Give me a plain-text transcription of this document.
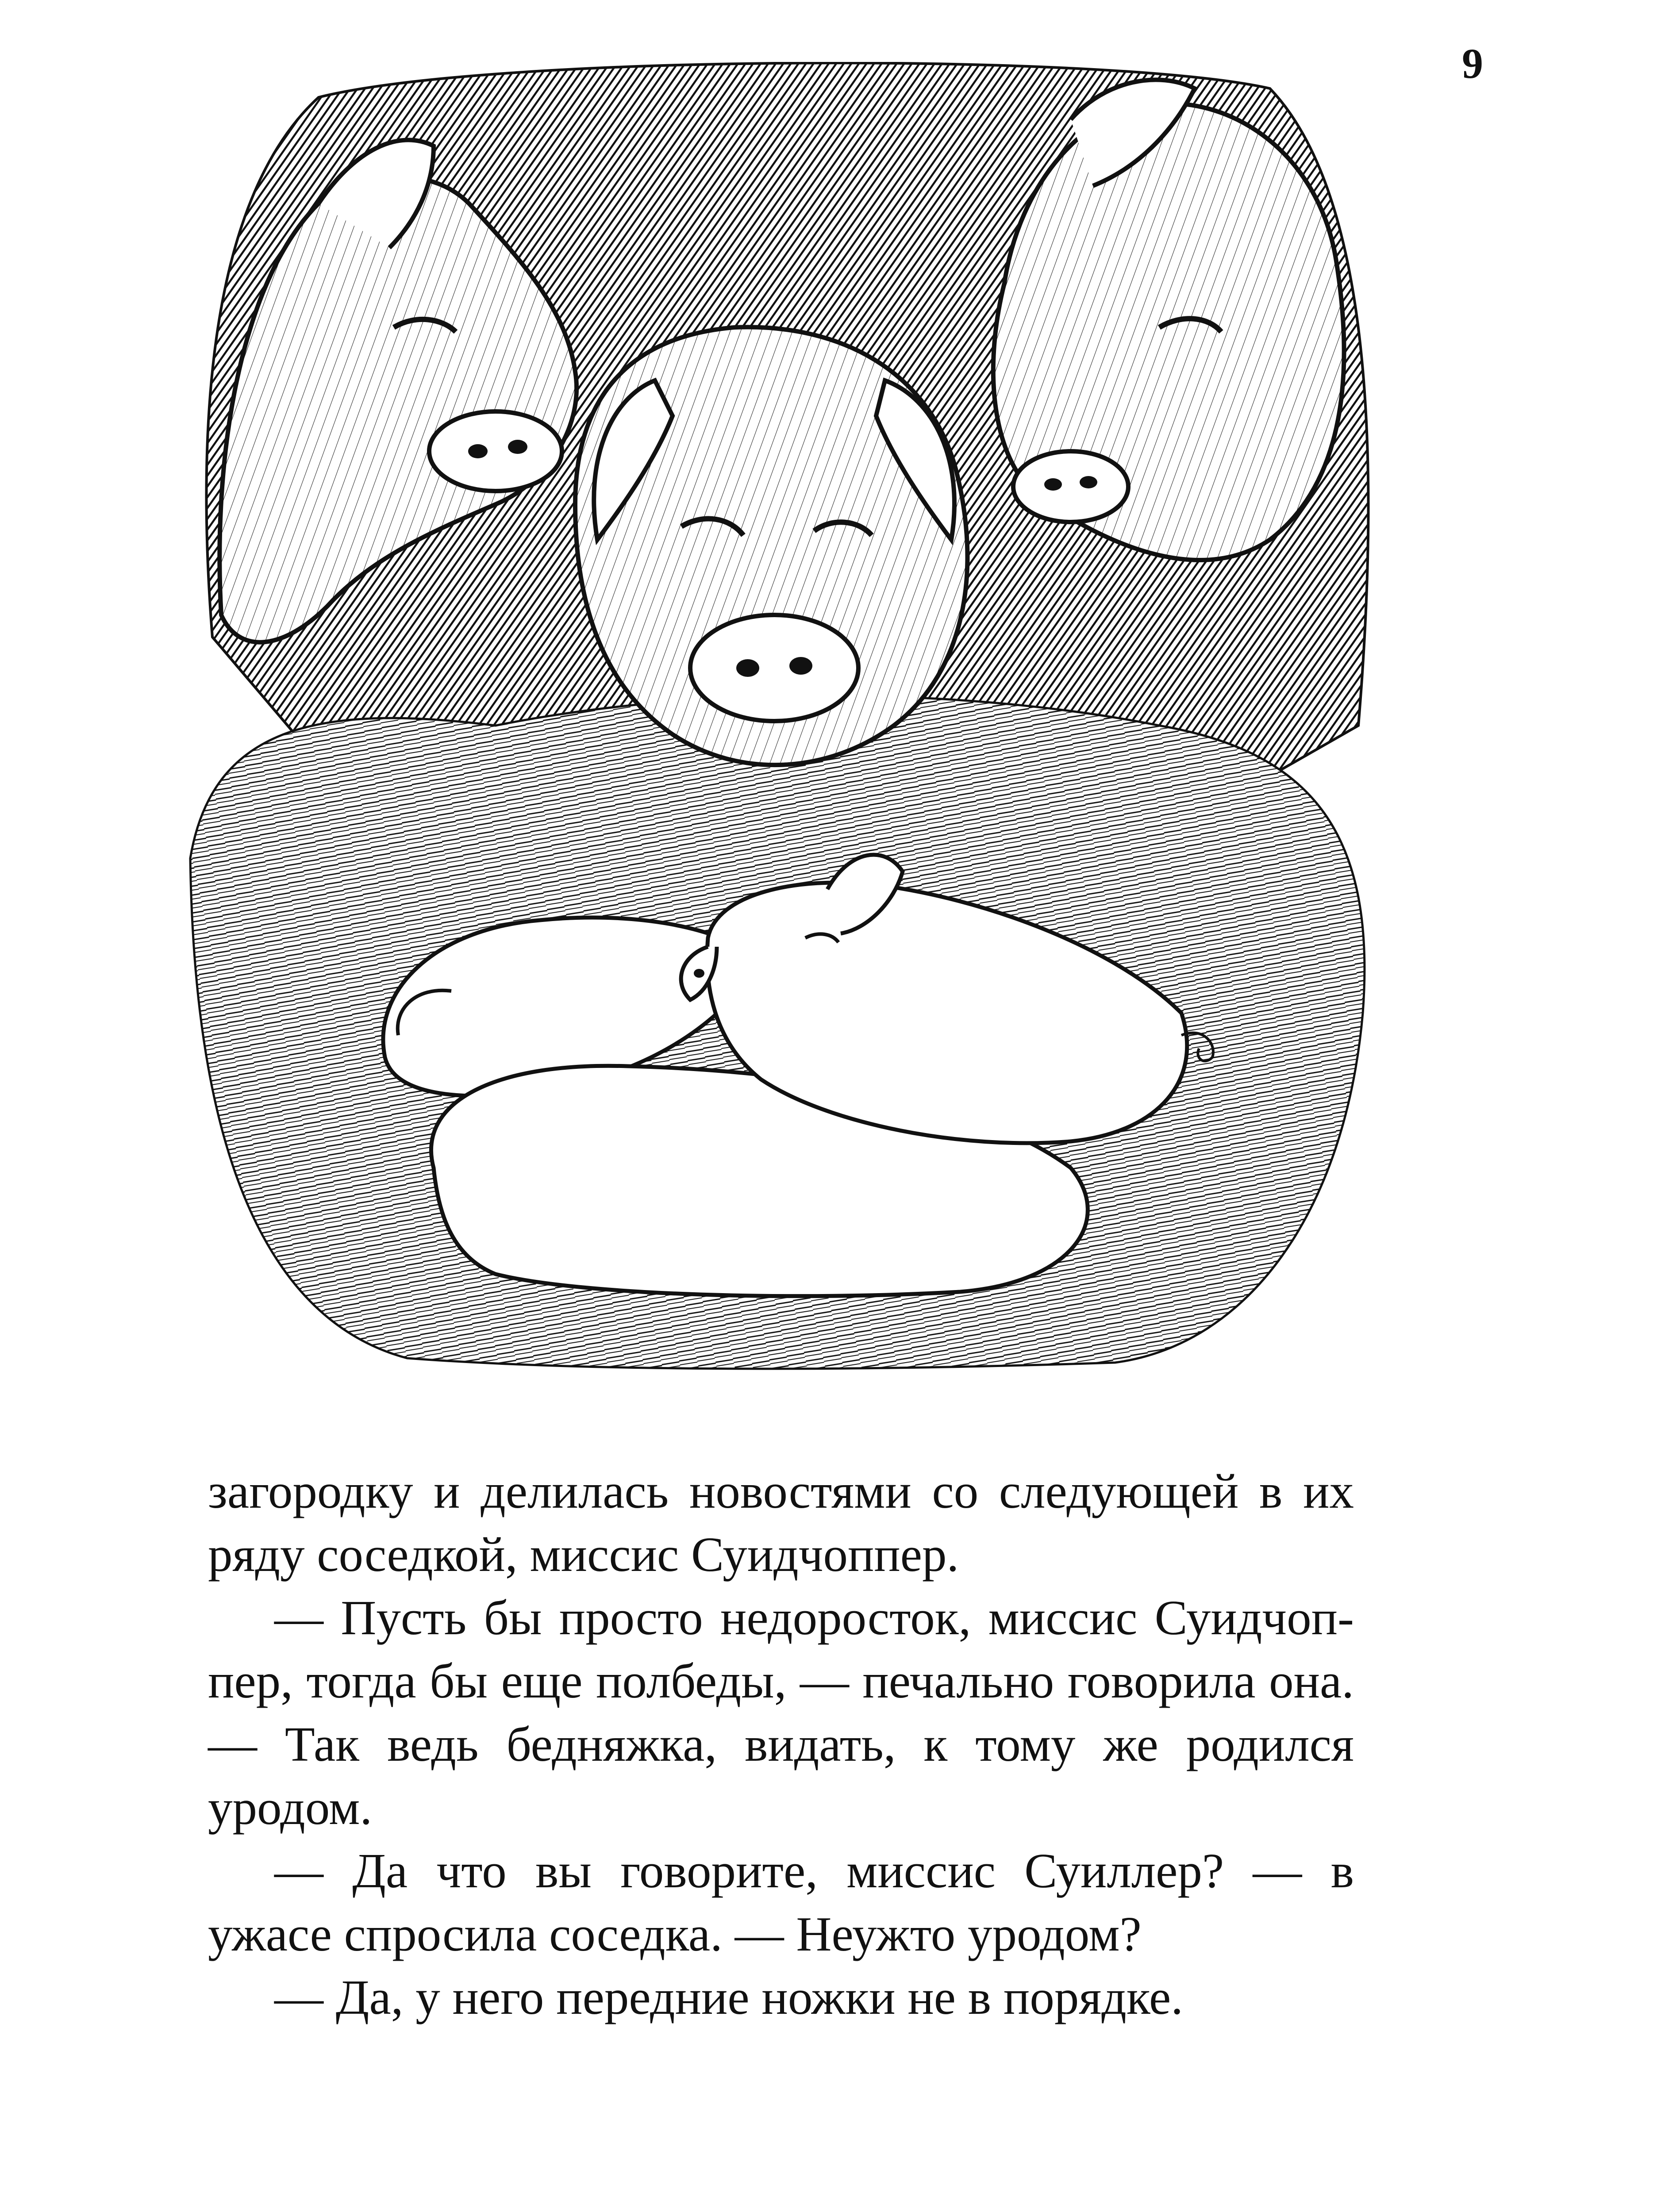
9

загородку и делилась новостями со следующей в их ряду соседкой, миссис Суидчоппер.

— Пусть бы просто недоросток, миссис Суидчоп-пер, тогда бы еще полбеды, — печально говорила она. — Так ведь бедняжка, видать, к тому же родился уродом.

— Да что вы говорите, миссис Суиллер? — в ужасе спросила соседка. — Неужто уродом?

— Да, у него передние ножки не в порядке.
